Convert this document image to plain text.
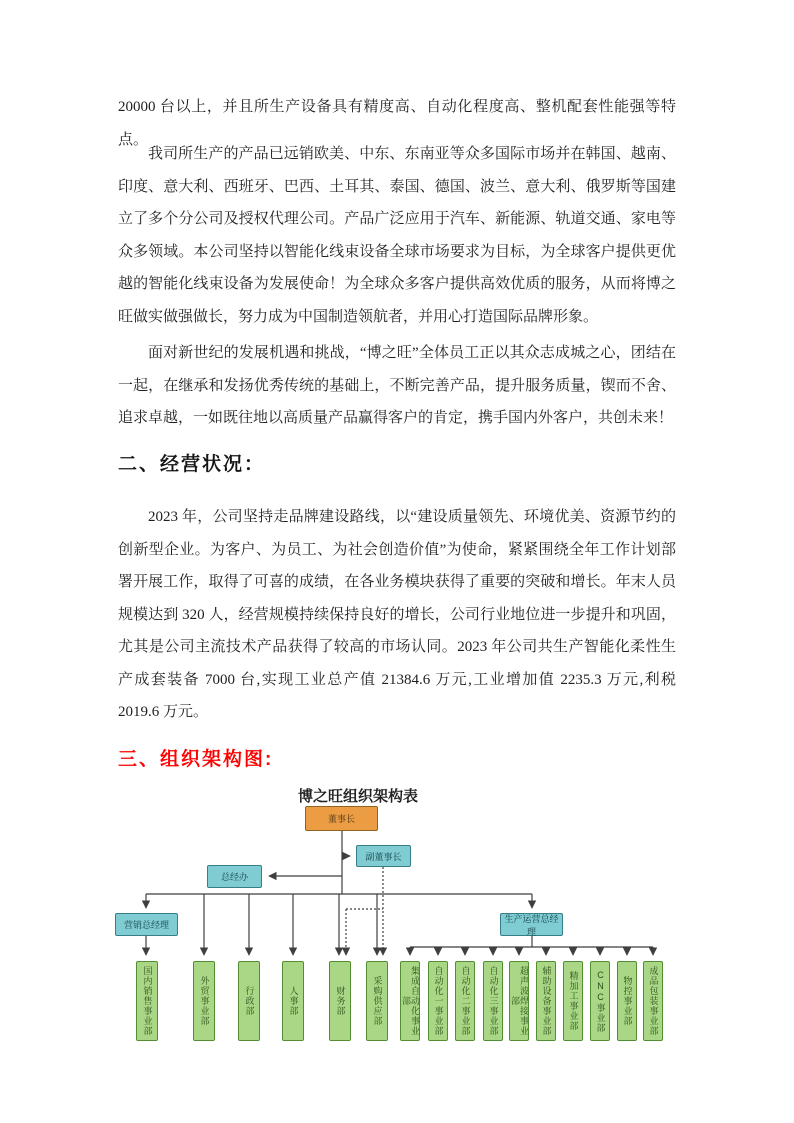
20000 台以上，并且所生产设备具有精度高、自动化程度高、整机配套性能强等特点。

我司所生产的产品已远销欧美、中东、东南亚等众多国际市场并在韩国、越南、印度、意大利、西班牙、巴西、土耳其、泰国、德国、波兰、意大利、俄罗斯等国建立了多个分公司及授权代理公司。产品广泛应用于汽车、新能源、轨道交通、家电等众多领域。本公司坚持以智能化线束设备全球市场要求为目标，为全球客户提供更优越的智能化线束设备为发展使命！为全球众多客户提供高效优质的服务，从而将博之旺做实做强做长，努力成为中国制造领航者，并用心打造国际品牌形象。

面对新世纪的发展机遇和挑战，“博之旺”全体员工正以其众志成城之心，团结在一起，在继承和发扬优秀传统的基础上，不断完善产品，提升服务质量，锲而不舍、追求卓越，一如既往地以高质量产品赢得客户的肯定，携手国内外客户，共创未来！

二、经营状况：

2023 年，公司坚持走品牌建设路线，以“建设质量领先、环境优美、资源节约的创新型企业。为客户、为员工、为社会创造价值”为使命，紧紧围绕全年工作计划部署开展工作，取得了可喜的成绩，在各业务模块获得了重要的突破和增长。年末人员规模达到 320 人，经营规模持续保持良好的增长，公司行业地位进一步提升和巩固，尤其是公司主流技术产品获得了较高的市场认同。2023 年公司共生产智能化柔性生产成套装备 7000 台,实现工业总产值 21384.6 万元,工业增加值 2235.3 万元,利税 2019.6 万元。

三、组织架构图:
博之旺组织架构表
董事长
副董事长
总经办
营销总经理
生产运营总经理
国内销售事业部	外贸事业部	行政部	人事部	财务部	采购供应部	集成自动化事业部	自动化一事业部	自动化二事业部	自动化三事业部	超声波焊接事业部	辅助设备事业部	精加工事业部	CNC事业部	物控事业部	成品包装事业部
